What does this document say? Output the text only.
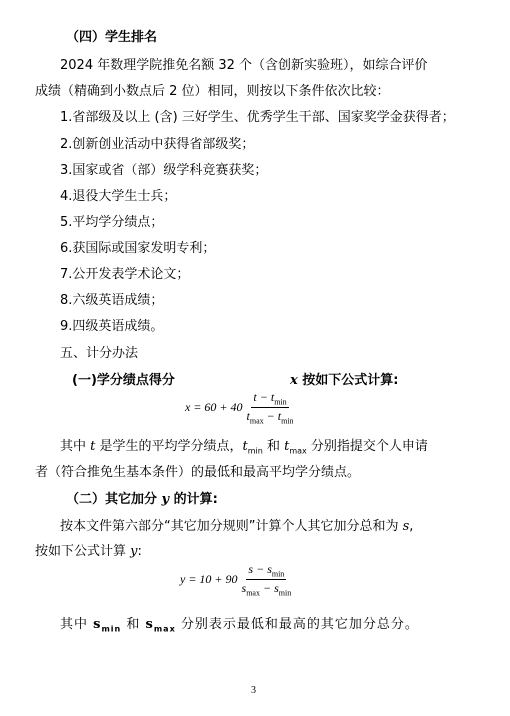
（四）学生排名
2024 年数理学院推免名额 32 个（含创新实验班），如综合评价
成绩（精确到小数点后 2 位）相同，则按以下条件依次比较：
1.省部级及以上 (含) 三好学生、优秀学生干部、国家奖学金获得者；
2.创新创业活动中获得省部级奖；
3.国家或省（部）级学科竞赛获奖；
4.退役大学生士兵；
5.平均学分绩点；
6.获国际或国家发明专利；
7.公开发表学术论文；
8.六级英语成绩；
9.四级英语成绩。
五、计分办法
(一)学分绩点得分	x 按如下公式计算:
$x = 60 + 40 \frac{t - t_{min}}{t_{max} - t_{min}}$
其中 t 是学生的平均学分绩点，$t_{min}$ 和 $t_{max}$ 分别指提交个人申请
者（符合推免生基本条件）的最低和最高平均学分绩点。
（二）其它加分 y 的计算:
按本文件第六部分“其它加分规则”计算个人其它加分总和为 s,
按如下公式计算 y:
$y = 10 + 90 \frac{s - s_{min}}{s_{max} - s_{min}}$
其中 $s_{min}$ 和 $s_{max}$ 分别表示最低和最高的其它加分总分。
3
